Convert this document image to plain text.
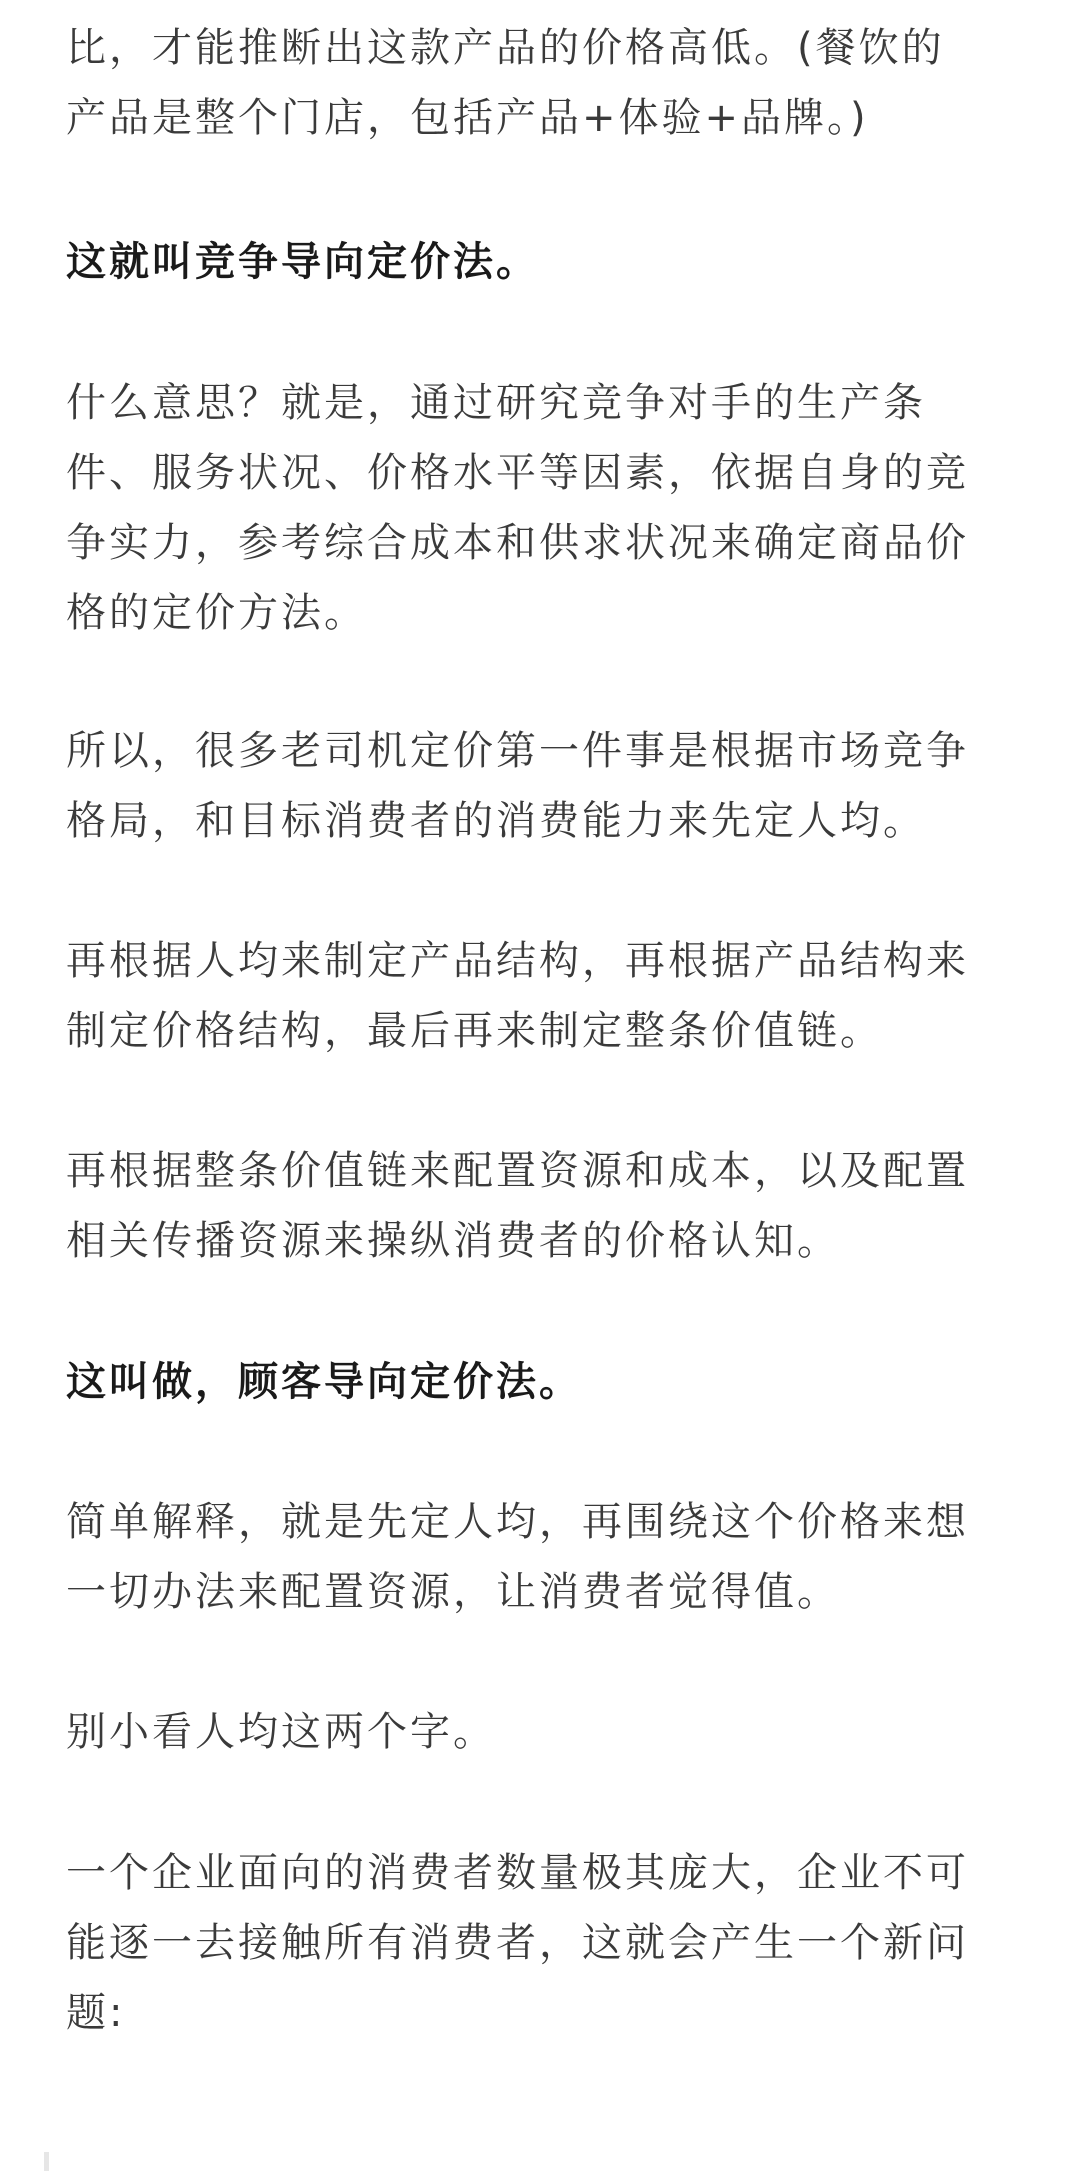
比，才能推断出这款产品的价格高低。(餐饮的
产品是整个门店，包括产品+体验+品牌。)

这就叫竞争导向定价法。

什么意思？就是，通过研究竞争对手的生产条
件、服务状况、价格水平等因素，依据自身的竞
争实力，参考综合成本和供求状况来确定商品价
格的定价方法。

所以，很多老司机定价第一件事是根据市场竞争
格局，和目标消费者的消费能力来先定人均。

再根据人均来制定产品结构，再根据产品结构来
制定价格结构，最后再来制定整条价值链。

再根据整条价值链来配置资源和成本，以及配置
相关传播资源来操纵消费者的价格认知。

这叫做，顾客导向定价法。

简单解释，就是先定人均，再围绕这个价格来想
一切办法来配置资源，让消费者觉得值。

别小看人均这两个字。

一个企业面向的消费者数量极其庞大，企业不可
能逐一去接触所有消费者，这就会产生一个新问
题:
